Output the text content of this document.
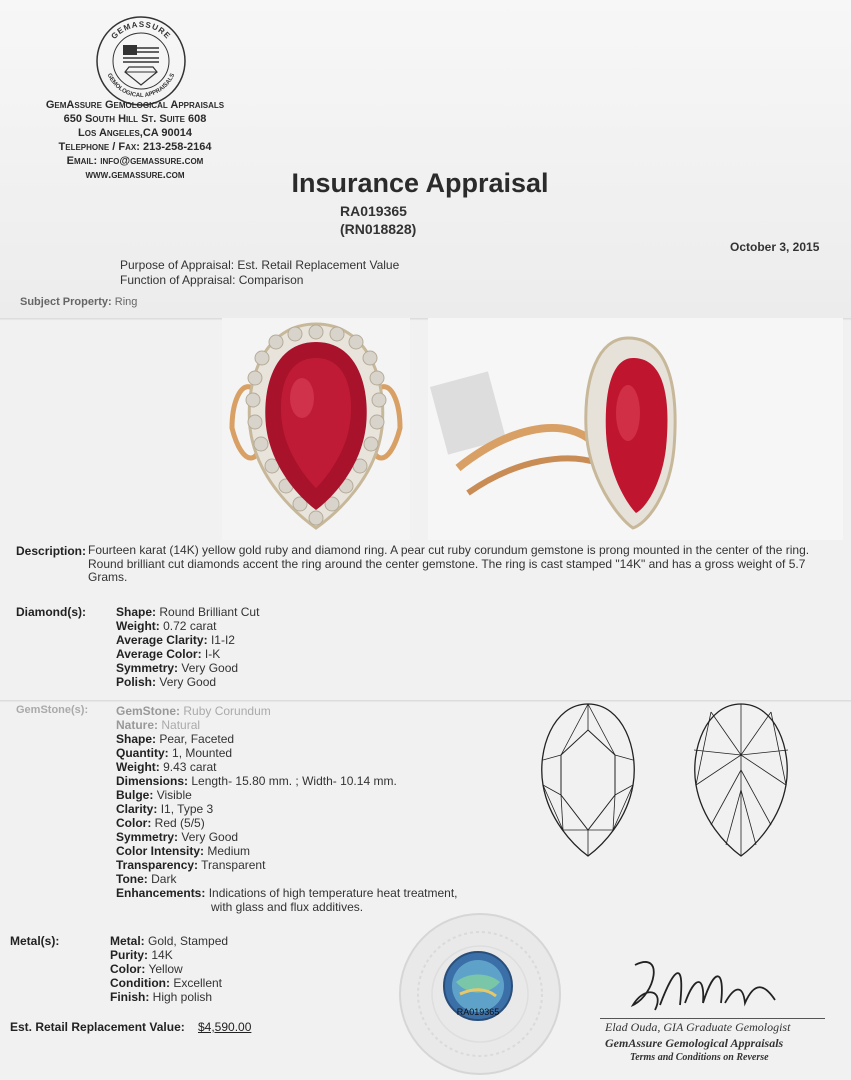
GEMASSURE
GEMOLOGICAL APPRAISALS
GemAssure Gemological Appraisals
650 South Hill St. Suite 608
Los Angeles,CA 90014
Telephone / Fax: 213-258-2164
Email: info@gemassure.com
www.gemassure.com	Insurance Appraisal
RA019365
(RN018828)
October 3, 2015
Purpose of Appraisal: Est. Retail Replacement Value
Function of Appraisal: Comparison
Subject Property: Ring
Description: Fourteen karat (14K) yellow gold ruby and diamond ring. A pear cut ruby corundum gemstone is prong mounted in the center of the ring. Round brilliant cut diamonds accent the ring around the center gemstone. The ring is cast stamped "14K" and has a gross weight of 5.7 Grams.
Diamond(s):	Shape: Round Brilliant Cut
Weight: 0.72 carat
Average Clarity: I1-I2
Average Color: I-K
Symmetry: Very Good
Polish: Very Good
GemStone(s): GemStone: Ruby Corundum
Nature: Natural
Shape: Pear, Faceted
Quantity: 1, Mounted
Weight: 9.43 carat
Dimensions: Length- 15.80 mm. ; Width- 10.14 mm.
Bulge: Visible
Clarity: I1, Type 3
Color: Red (5/5)
Symmetry: Very Good
Color Intensity: Medium
Transparency: Transparent
Tone: Dark
Enhancements: Indications of high temperature heat treatment,
with glass and flux additives.
Metal(s):	Metal: Gold, Stamped
Purity: 14K
Color: Yellow
Condition: Excellent
Finish: High polish
Est. Retail Replacement Value: $4,590.00
RA019365
Elad Ouda, GIA Graduate Gemologist
GemAssure Gemological Appraisals
Terms and Conditions on Reverse
